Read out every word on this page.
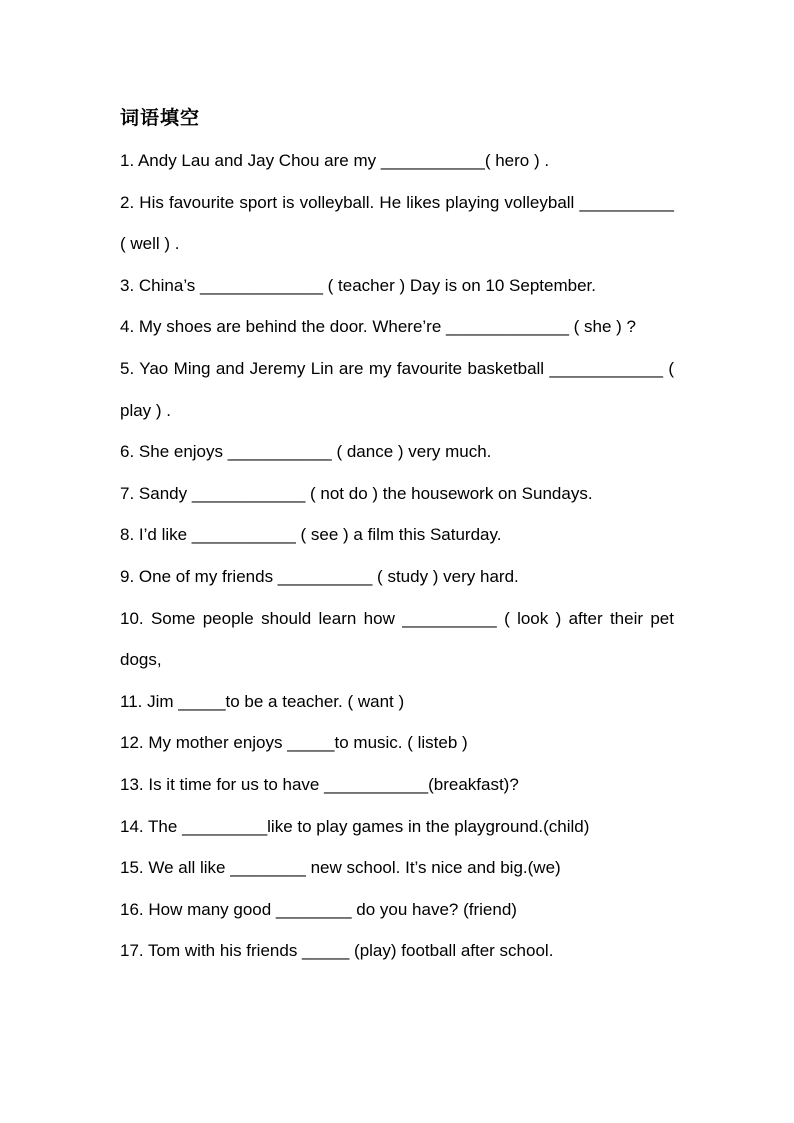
词语填空

1. Andy Lau and Jay Chou are my ___________( hero ) .

2. His favourite sport is volleyball. He likes playing volleyball __________ ( well ) .

3. China’s _____________ ( teacher ) Day is on 10 September.

4. My shoes are behind the door. Where’re _____________ ( she ) ?

5. Yao Ming and Jeremy Lin are my favourite basketball ____________ ( play ) .

6. She enjoys ___________ ( dance ) very much.

7. Sandy ____________ ( not do ) the housework on Sundays.

8. I’d like ___________ ( see ) a film this Saturday.

9. One of my friends __________ ( study ) very hard.

10. Some people should learn how __________ ( look ) after their pet dogs,

11. Jim _____to be a teacher. ( want )

12. My mother enjoys _____to music. ( listeb )

13. Is it time for us to have ___________(breakfast)?

14. The _________like to play games in the playground.(child)

15. We all like ________ new school. It’s nice and big.(we)

16. How many good ________ do you have? (friend)

17. Tom with his friends _____ (play) football after school.
